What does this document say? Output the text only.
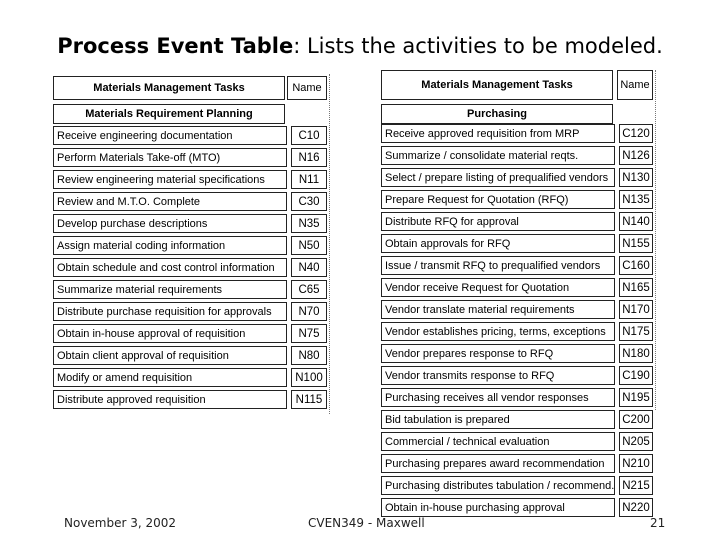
Process Event Table: Lists the activities to be modeled.
Materials Management Tasks	Name
Materials Requirement Planning
Receive engineering documentation	C10
Perform Materials Take-off (MTO)	N16
Review engineering material specifications	N11
Review and M.T.O. Complete	C30
Develop purchase descriptions	N35
Assign material coding information	N50
Obtain schedule and cost control information	N40
Summarize material requirements	C65
Distribute purchase requisition for approvals	N70
Obtain in-house approval of requisition	N75
Obtain client approval of requisition	N80
Modify or amend requisition	N100
Distribute approved requisition	N115
Materials Management Tasks	Name
Purchasing
Receive approved requisition from MRP	C120
Summarize / consolidate material reqts.	N126
Select / prepare listing of prequalified vendors	N130
Prepare Request for Quotation (RFQ)	N135
Distribute RFQ for approval	N140
Obtain approvals for RFQ	N155
Issue / transmit RFQ to prequalified vendors	C160
Vendor receive Request for Quotation	N165
Vendor translate material requirements	N170
Vendor establishes pricing, terms, exceptions	N175
Vendor prepares response to RFQ	N180
Vendor transmits response to RFQ	C190
Purchasing receives all vendor responses	N195
Bid tabulation is prepared	C200
Commercial / technical evaluation	N205
Purchasing prepares award recommendation	N210
Purchasing distributes tabulation / recommend. N215
Obtain in-house purchasing approval	N220
November 3, 2002	CVEN349 - Maxwell	21
